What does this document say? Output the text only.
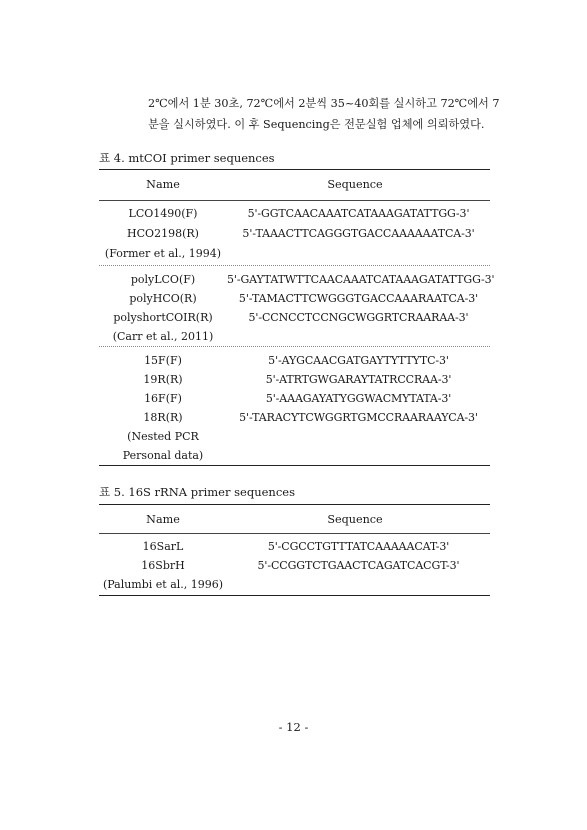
2℃에서 1분 30초, 72℃에서 2분씩 35~40회를 실시하고 72℃에서 7
분을 실시하였다. 이 후 Sequencing은 전문실험 업체에 의뢰하였다.
표 4. mtCOI primer sequences
Name	Sequence
LCO1490(F)	5'-GGTCAACAAATCATAAAGATATTGG-3'
HCO2198(R)	5'-TAAACTTCAGGGTGACCAAAAAATCA-3'
(Former et al., 1994)
polyLCO(F)	5'-GAYTATWTTCAACAAATCATAAAGATATTGG-3'
polyHCO(R)	5'-TAMACTTCWGGGTGACCAAARAATCA-3'
polyshortCOIR(R)	5'-CCNCCTCCNGCWGGRTCRAARAA-3'
(Carr et al., 2011)
15F(F)	5'-AYGCAACGATGAYTYTTYTC-3'
19R(R)	5'-ATRTGWGARAYTATRCCRAA-3'
16F(F)	5'-AAAGAYATYGGWACMYTATA-3'
18R(R)	5'-TARACYTCWGGRTGMCCRAARAAYCA-3'
(Nested PCR
Personal data)
표 5. 16S rRNA primer sequences
Name	Sequence
16SarL	5'-CGCCTGTTTATCAAAAACAT-3'
16SbrH	5'-CCGGTCTGAACTCAGATCACGT-3'
(Palumbi et al., 1996)
- 12 -
